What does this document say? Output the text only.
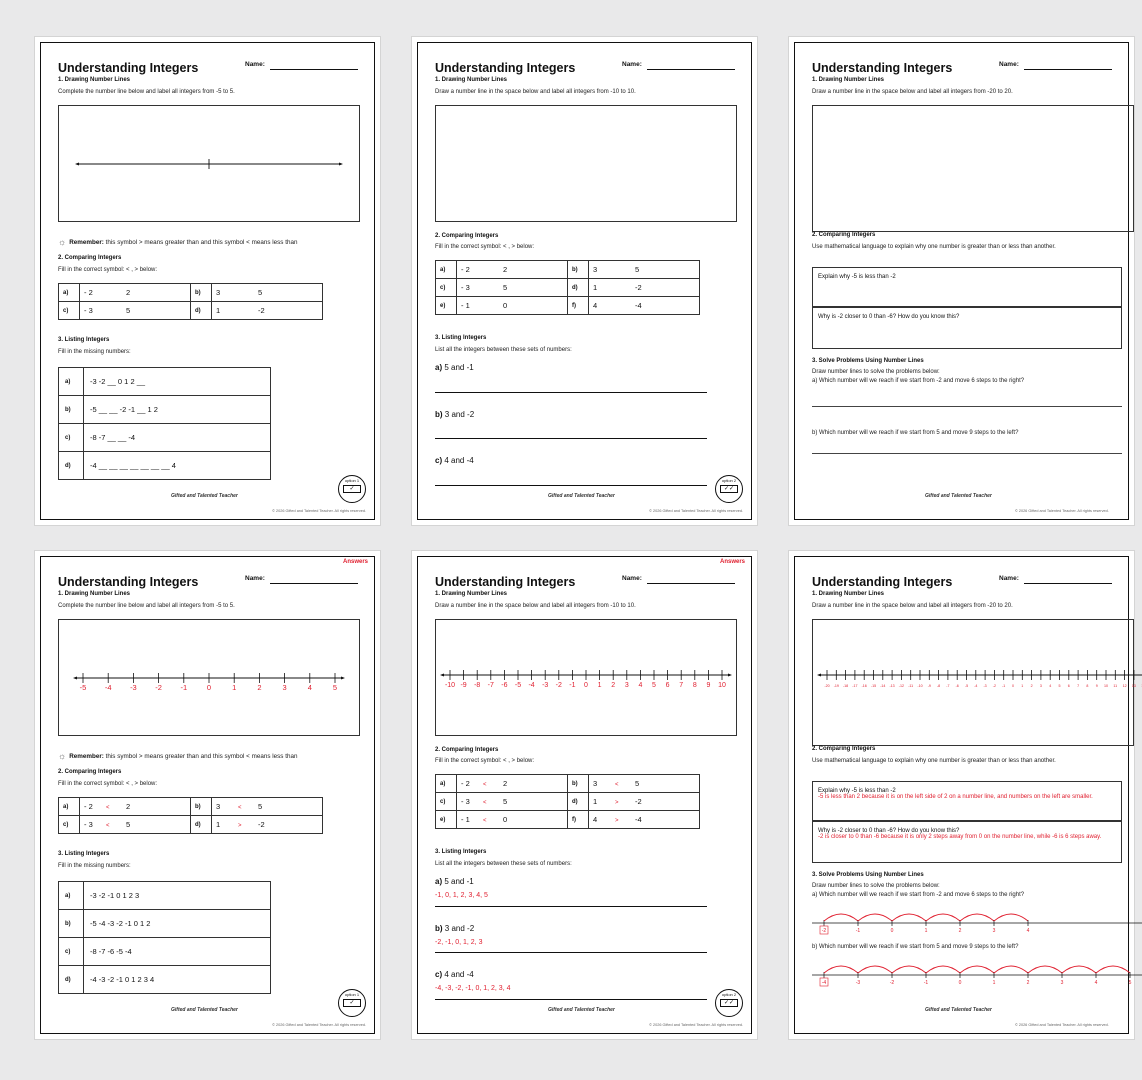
Understanding Integers	Name:
1. Drawing Number Lines
Complete the number line below and label all integers from -5 to 5.
☼ Remember: this symbol > means greater than and this symbol < means less than
2. Comparing Integers
Fill in the correct symbol: < , > below:
a)	- 2 2	b)	3 5
c)	- 3 5	d)	1 -2
3. Listing Integers
Fill in the missing numbers:
a)	-3 -2 __ 0 1 2 __
b)	-5 __ __ -2 -1 __ 1 2
c)	-8 -7 __ __ -4
d)	-4 __ __ __ __ __ __ __ 4
Gifted and Talented Teacher
option 1
✓
© 2026 Gifted and Talented Teacher. All rights reserved.
Understanding Integers	Name:
1. Drawing Number Lines
Draw a number line in the space below and label all integers from -10 to 10.
2. Comparing Integers
Fill in the correct symbol: < , > below:
a)	- 2 2	b)	3 5
c)	- 3 5	d)	1 -2
e)	- 1 0	f)	4 -4
3. Listing Integers
List all the integers between these sets of numbers:
a) 5 and -1
b) 3 and -2
c) 4 and -4
Gifted and Talented Teacher
option 2
✓✓
© 2026 Gifted and Talented Teacher. All rights reserved.
Understanding Integers	Name:
1. Drawing Number Lines
Draw a number line in the space below and label all integers from -20 to 20.
2. Comparing Integers
Use mathematical language to explain why one number is greater than or less than another.
Explain why -5 is less than -2
Why is -2 closer to 0 than -6? How do you know this?
3. Solve Problems Using Number Lines
Draw number lines to solve the problems below:
a) Which number will we reach if we start from -2 and move 6 steps to the right?
b) Which number will we reach if we start from 5 and move 9 steps to the left?
Gifted and Talented Teacher
© 2026 Gifted and Talented Teacher. All rights reserved.
Answers
Understanding Integers	Name:
1. Drawing Number Lines
Complete the number line below and label all integers from -5 to 5.
-5 -4 -3 -2 -1	0	1	2	3	4	5
☼ Remember: this symbol > means greater than and this symbol < means less than
2. Comparing Integers
Fill in the correct symbol: < , > below:
a)	- 2 < 2	b)	3 < 5
c)	- 3 < 5	d)	1 > -2
3. Listing Integers
Fill in the missing numbers:
a)	-3 -2 -1 0 1 2 3
b)	-5 -4 -3 -2 -1 0 1 2
c)	-8 -7 -6 -5 -4
d)	-4 -3 -2 -1 0 1 2 3 4
Gifted and Talented Teacher
option 1
✓
© 2026 Gifted and Talented Teacher. All rights reserved.
Answers
Understanding Integers	Name:
1. Drawing Number Lines
Draw a number line in the space below and label all integers from -10 to 10.
-10 -9 -8 -7 -6 -5 -4 -3 -2 -1 0 1 2 3 4 5 6 7 8 9 10
2. Comparing Integers
Fill in the correct symbol: < , > below:
a)	- 2 < 2	b)	3 < 5
c)	- 3 < 5	d)	1 > -2
e)	- 1 < 0	f)	4 > -4
3. Listing Integers
List all the integers between these sets of numbers:
a) 5 and -1
-1, 0, 1, 2, 3, 4, 5
b) 3 and -2
-2, -1, 0, 1, 2, 3
c) 4 and -4
-4, -3, -2, -1, 0, 1, 2, 3, 4
Gifted and Talented Teacher
option 2
✓✓
© 2026 Gifted and Talented Teacher. All rights reserved.
Understanding Integers	Name:
1. Drawing Number Lines
Draw a number line in the space below and label all integers from -20 to 20.
-20 -19 -18 -17 -16 -15 -14 -13 -12 -11 -10 -9 -8 -7 -6 -5 -4 -3 -2 -1 0 1 2 3 4 5 6 7 8 9 10 11 12 13
2. Comparing Integers
Use mathematical language to explain why one number is greater than or less than another.
Explain why -5 is less than -2
-5 is less than 2 because it is on the left side of 2 on a number line, and numbers on the left are smaller.
Why is -2 closer to 0 than -6? How do you know this?
-2 is closer to 0 than -6 because it is only 2 steps away from 0 on the number line, while -6 is 6 steps away.
3. Solve Problems Using Number Lines
Draw number lines to solve the problems below:
a) Which number will we reach if we start from -2 and move 6 steps to the right?
-2	-1	0	1	2	3	4
b) Which number will we reach if we start from 5 and move 9 steps to the left?
-4	-3	-2	-1	0	1	2	3	4	5
Gifted and Talented Teacher
© 2026 Gifted and Talented Teacher. All rights reserved.
